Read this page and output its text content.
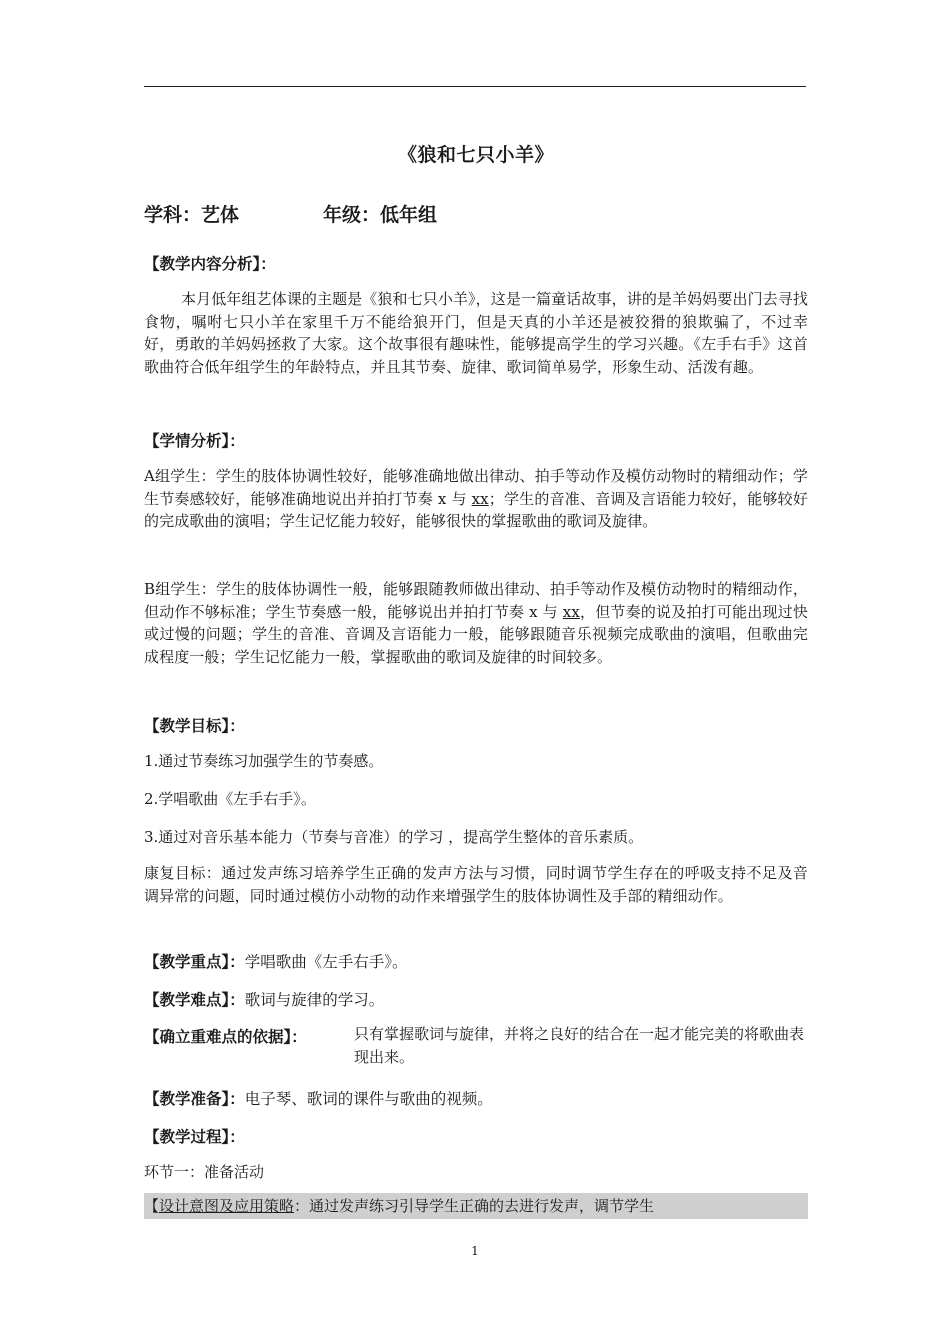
《狼和七只小羊》
学科：艺体	年级：低年组
【教学内容分析】：
本月低年组艺体课的主题是《狼和七只小羊》，这是一篇童话故事，讲的是羊妈妈要出门去寻找食物，嘱咐七只小羊在家里千万不能给狼开门，但是天真的小羊还是被狡猾的狼欺骗了，不过幸好，勇敢的羊妈妈拯救了大家。这个故事很有趣味性，能够提高学生的学习兴趣。《左手右手》这首歌曲符合低年组学生的年龄特点，并且其节奏、旋律、歌词简单易学，形象生动、活泼有趣。
【学情分析】：
A组学生：学生的肢体协调性较好，能够准确地做出律动、拍手等动作及模仿动物时的精细动作；学生节奏感较好，能够准确地说出并拍打节奏 x 与 xx；学生的音准、音调及言语能力较好，能够较好的完成歌曲的演唱；学生记忆能力较好，能够很快的掌握歌曲的歌词及旋律。
B组学生：学生的肢体协调性一般，能够跟随教师做出律动、拍手等动作及模仿动物时的精细动作，但动作不够标准；学生节奏感一般，能够说出并拍打节奏 x 与 xx，但节奏的说及拍打可能出现过快或过慢的问题；学生的音准、音调及言语能力一般，能够跟随音乐视频完成歌曲的演唱，但歌曲完成程度一般；学生记忆能力一般，掌握歌曲的歌词及旋律的时间较多。
【教学目标】：
1.通过节奏练习加强学生的节奏感。
2.学唱歌曲《左手右手》。
3.通过对音乐基本能力（节奏与音准）的学习 ，提高学生整体的音乐素质。
康复目标：通过发声练习培养学生正确的发声方法与习惯，同时调节学生存在的呼吸支持不足及音调异常的问题，同时通过模仿小动物的动作来增强学生的肢体协调性及手部的精细动作。
【教学重点】：学唱歌曲《左手右手》。
【教学难点】：歌词与旋律的学习。
【确立重难点的依据】：	只有掌握歌词与旋律，并将之良好的结合在一起才能完美的将歌曲表现出来。
【教学准备】：电子琴、歌词的课件与歌曲的视频。
【教学过程】：
环节一：准备活动
【设计意图及应用策略：通过发声练习引导学生正确的去进行发声，调节学生
1
